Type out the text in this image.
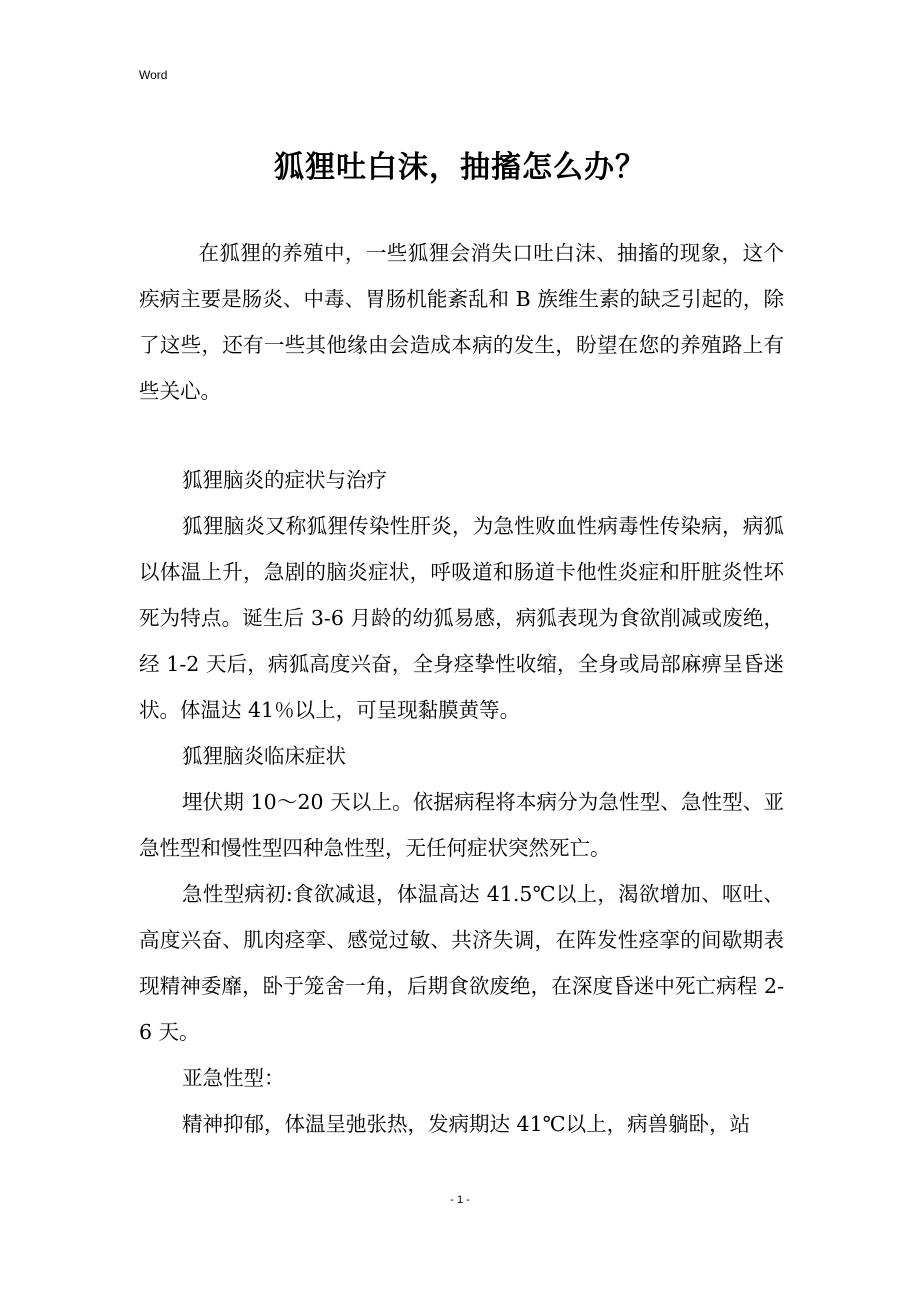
Word
狐狸吐白沫，抽搐怎么办？

在狐狸的养殖中，一些狐狸会消失口吐白沫、抽搐的现象，这个疾病主要是肠炎、中毒、胃肠机能紊乱和 B 族维生素的缺乏引起的，除了这些，还有一些其他缘由会造成本病的发生，盼望在您的养殖路上有些关心。

狐狸脑炎的症状与治疗

狐狸脑炎又称狐狸传染性肝炎，为急性败血性病毒性传染病，病狐以体温上升，急剧的脑炎症状，呼吸道和肠道卡他性炎症和肝脏炎性坏死为特点。诞生后 3-6 月龄的幼狐易感，病狐表现为食欲削减或废绝，经 1-2 天后，病狐高度兴奋，全身痉挚性收缩，全身或局部麻痹呈昏迷状。体温达 41％以上，可呈现黏膜黄等。

狐狸脑炎临床症状

埋伏期 10～20 天以上。依据病程将本病分为急性型、急性型、亚急性型和慢性型四种急性型，无任何症状突然死亡。

急性型病初:食欲减退，体温高达 41.5℃以上，渴欲增加、呕吐、高度兴奋、肌肉痉挛、感觉过敏、共济失调，在阵发性痉挛的间歇期表现精神委靡，卧于笼舍一角，后期食欲废绝，在深度昏迷中死亡病程 2-6 天。

亚急性型：

精神抑郁，体温呈弛张热，发病期达 41℃以上，病兽躺卧，站

- 1 -
